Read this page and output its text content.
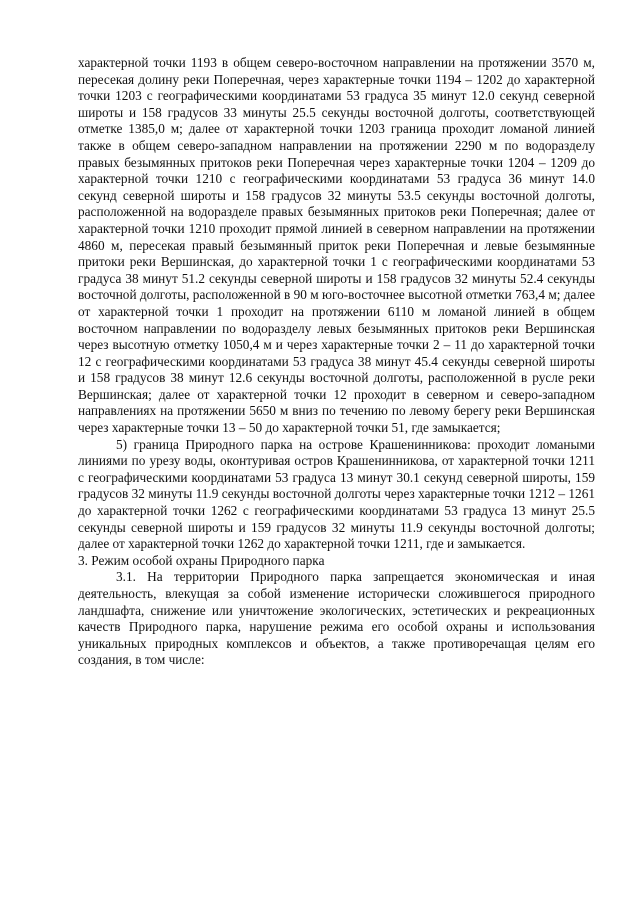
характерной точки 1193 в общем северо-восточном направлении на протяжении 3570 м, пересекая долину реки Поперечная, через характерные точки 1194 – 1202 до характерной точки 1203 с географическими координатами 53 градуса 35 минут 12.0 секунд северной широты и 158 градусов 33 минуты 25.5 секунды восточной долготы, соответствующей отметке 1385,0 м; далее от характерной точки 1203 граница проходит ломаной линией также в общем северо-западном направлении на протяжении 2290 м по водоразделу правых безымянных притоков реки Поперечная через характерные точки 1204 – 1209 до характерной точки 1210 с географическими координатами 53 градуса 36 минут 14.0 секунд северной широты и 158 градусов 32 минуты 53.5 секунды восточной долготы, расположенной на водоразделе правых безымянных притоков реки Поперечная; далее от характерной точки 1210 проходит прямой линией в северном направлении на протяжении 4860 м, пересекая правый безымянный приток реки Поперечная и левые безымянные притоки реки Вершинская, до характерной точки 1 с географическими координатами 53 градуса 38 минут 51.2 секунды северной широты и 158 градусов 32 минуты 52.4 секунды восточной долготы, расположенной в 90 м юго-восточнее высотной отметки 763,4 м; далее от характерной точки 1 проходит на протяжении 6110 м ломаной линией в общем восточном направлении по водоразделу левых безымянных притоков реки Вершинская через высотную отметку 1050,4 м и через характерные точки 2 – 11 до характерной точки 12 с географическими координатами 53 градуса 38 минут 45.4 секунды северной широты и 158 градусов 38 минут 12.6 секунды восточной долготы, расположенной в русле реки Вершинская; далее от характерной точки 12 проходит в северном и северо-западном направлениях на протяжении 5650 м вниз по течению по левому берегу реки Вершинская через характерные точки 13 – 50 до характерной точки 51, где замыкается;

5) граница Природного парка на острове Крашенинникова: проходит ломаными линиями по урезу воды, оконтуривая остров Крашенинникова, от характерной точки 1211 с географическими координатами 53 градуса 13 минут 30.1 секунд северной широты, 159 градусов 32 минуты 11.9 секунды восточной долготы через характерные точки 1212 – 1261 до характерной точки 1262 с географическими координатами 53 градуса 13 минут 25.5 секунды северной широты и 159 градусов 32 минуты 11.9 секунды восточной долготы; далее от характерной точки 1262 до характерной точки 1211, где и замыкается.

3. Режим особой охраны Природного парка

3.1. На территории Природного парка запрещается экономическая и иная деятельность, влекущая за собой изменение исторически сложившегося природного ландшафта, снижение или уничтожение экологических, эстетических и рекреационных качеств Природного парка, нарушение режима его особой охраны и использования уникальных природных комплексов и объектов, а также противоречащая целям его создания, в том числе:
